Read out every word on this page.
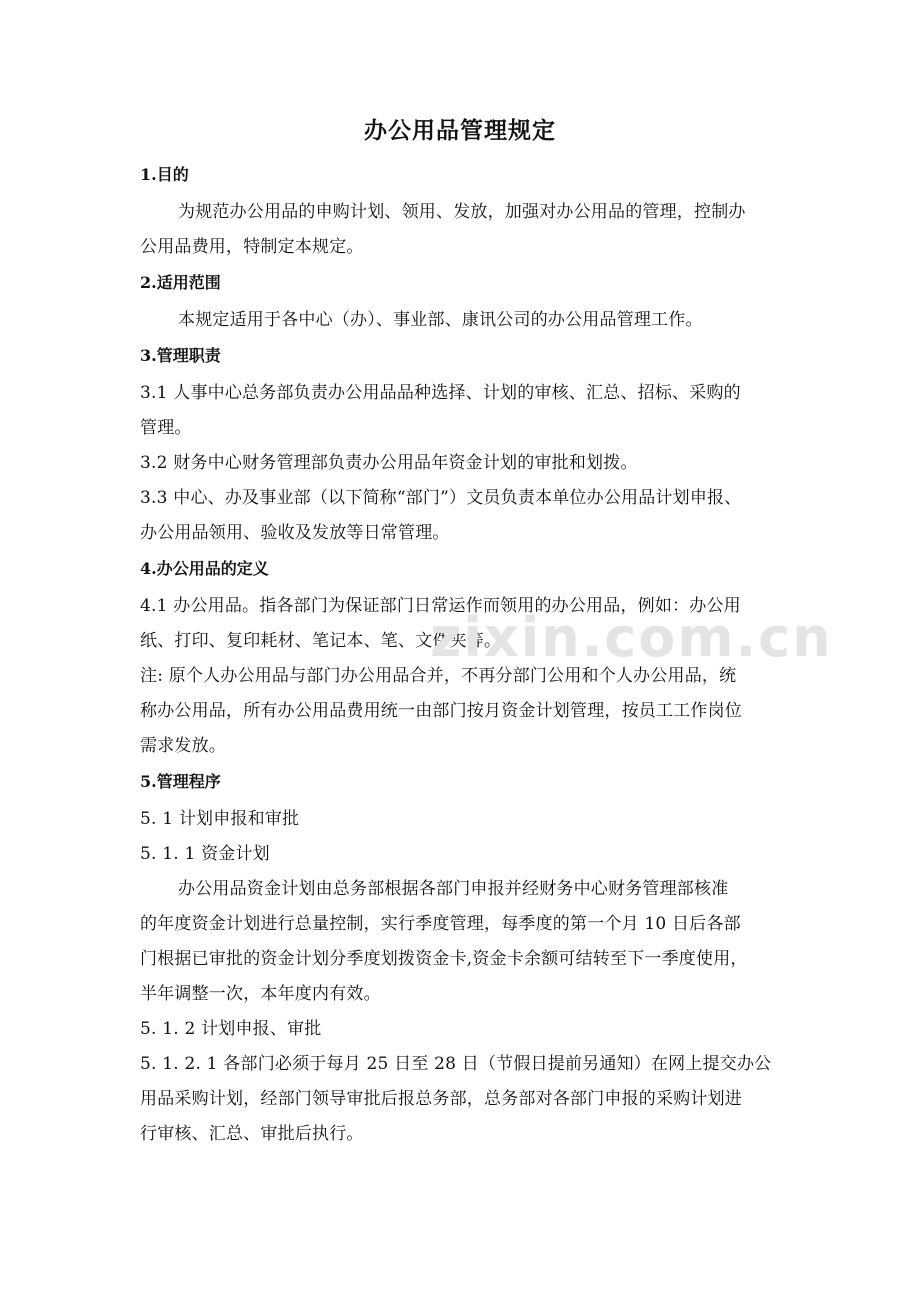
办公用品管理规定
1.目的

为规范办公用品的申购计划、领用、发放，加强对办公用品的管理，控制办

公用品费用，特制定本规定。

2.适用范围

本规定适用于各中心（办）、事业部、康讯公司的办公用品管理工作。

3.管理职责

3.1 人事中心总务部负责办公用品品种选择、计划的审核、汇总、招标、采购的

管理。

3.2 财务中心财务管理部负责办公用品年资金计划的审批和划拨。

3.3 中心、办及事业部（以下简称“部门”）文员负责本单位办公用品计划申报、

办公用品领用、验收及发放等日常管理。

4.办公用品的定义

4.1 办公用品。指各部门为保证部门日常运作而领用的办公用品，例如：办公用

纸、打印、复印耗材、笔记本、笔、文件夹等。

注: 原个人办公用品与部门办公用品合并，不再分部门公用和个人办公用品，统

称办公用品，所有办公用品费用统一由部门按月资金计划管理，按员工工作岗位

需求发放。

5.管理程序

5. 1 计划申报和审批

5. 1. 1 资金计划

办公用品资金计划由总务部根据各部门申报并经财务中心财务管理部核准

的年度资金计划进行总量控制，实行季度管理，每季度的第一个月 10 日后各部

门根据已审批的资金计划分季度划拨资金卡,资金卡余额可结转至下一季度使用，

半年调整一次，本年度内有效。

5. 1. 2 计划申报、审批

5. 1. 2. 1 各部门必须于每月 25 日至 28 日（节假日提前另通知）在网上提交办公

用品采购计划，经部门领导审批后报总务部，总务部对各部门申报的采购计划进

行审核、汇总、审批后执行。

zixin.com.cn
